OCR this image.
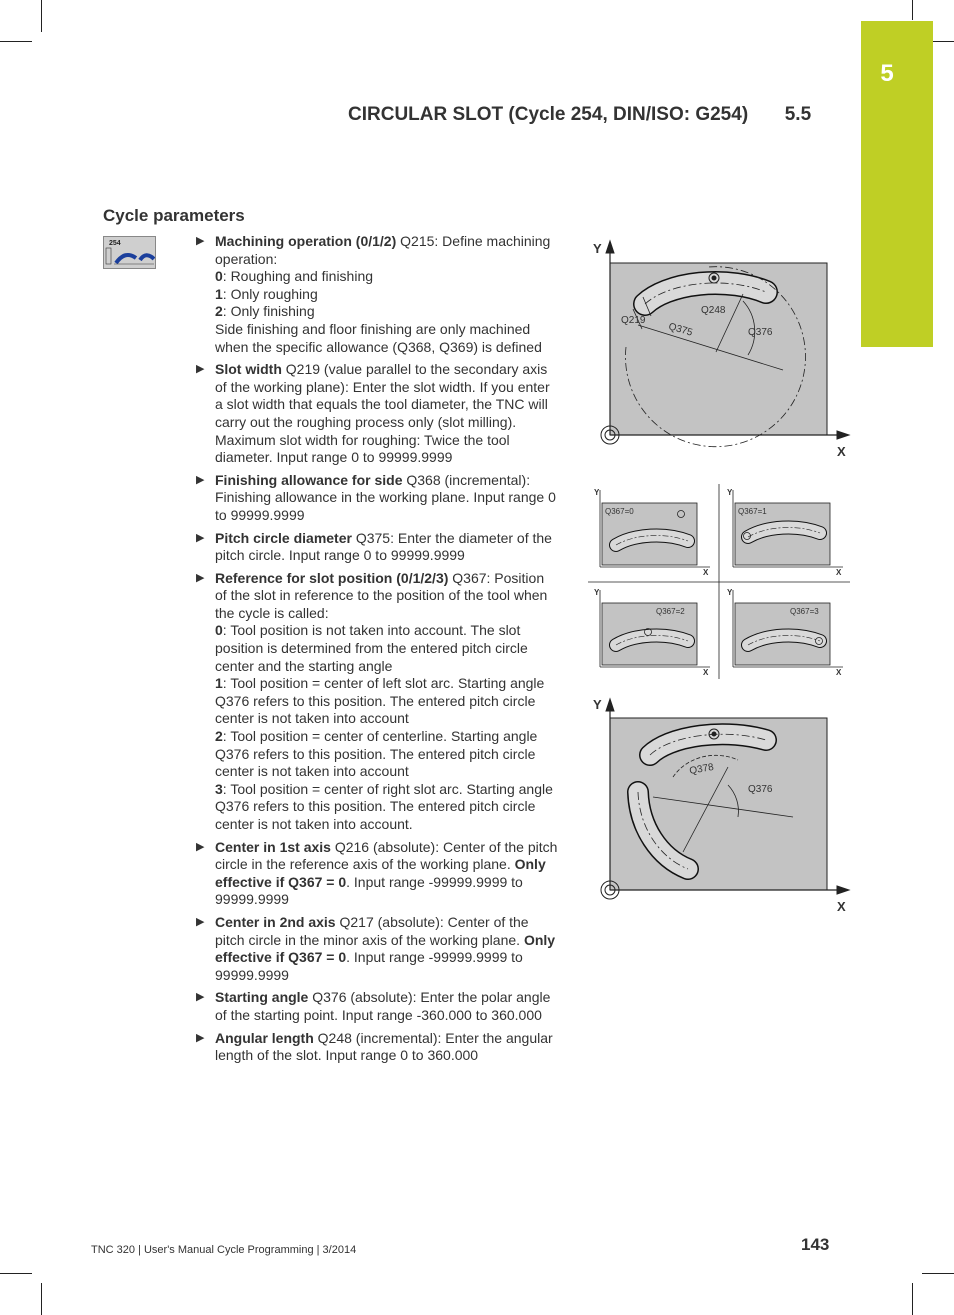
5
CIRCULAR SLOT (Cycle 254, DIN/ISO: G254) 5.5
Cycle parameters
254	▶ Machining operation (0/1/2) Q215: Define machining operation:
0: Roughing and finishing
1: Only roughing
2: Only finishing
Side finishing and floor finishing are only machined when the specific allowance (Q368, Q369) is defined
▶ Slot width Q219 (value parallel to the secondary axis of the working plane): Enter the slot width. If you enter a slot width that equals the tool diameter, the TNC will carry out the roughing process only (slot milling). Maximum slot width for roughing: Twice the tool diameter. Input range 0 to 99999.9999
▶ Finishing allowance for side Q368 (incremental): Finishing allowance in the working plane. Input range 0 to 99999.9999
▶ Pitch circle diameter Q375: Enter the diameter of the pitch circle. Input range 0 to 99999.9999
▶ Reference for slot position (0/1/2/3) Q367: Position of the slot in reference to the position of the tool when the cycle is called:
0: Tool position is not taken into account. The slot position is determined from the entered pitch circle center and the starting angle
1: Tool position = center of left slot arc. Starting angle Q376 refers to this position. The entered pitch circle center is not taken into account
2: Tool position = center of centerline. Starting angle Q376 refers to this position. The entered pitch circle center is not taken into account
3: Tool position = center of right slot arc. Starting angle Q376 refers to this position. The entered pitch circle center is not taken into account.
▶ Center in 1st axis Q216 (absolute): Center of the pitch circle in the reference axis of the working plane. Only effective if Q367 = 0. Input range -99999.9999 to 99999.9999
▶ Center in 2nd axis Q217 (absolute): Center of the pitch circle in the minor axis of the working plane. Only effective if Q367 = 0. Input range -99999.9999 to 99999.9999
▶ Starting angle Q376 (absolute): Enter the polar angle of the starting point. Input range -360.000 to 360.000
▶ Angular length Q248 (incremental): Enter the angular length of the slot. Input range 0 to 360.000
Y
X
Q219
Q248
Q375	Q376
Q367=0	Q367=1
Q367=2	Q367=3
Y
X
Y
X
Y
X
Y
X
Y
X
Q378
Q376
TNC 320 | User's Manual Cycle Programming | 3/2014	143
